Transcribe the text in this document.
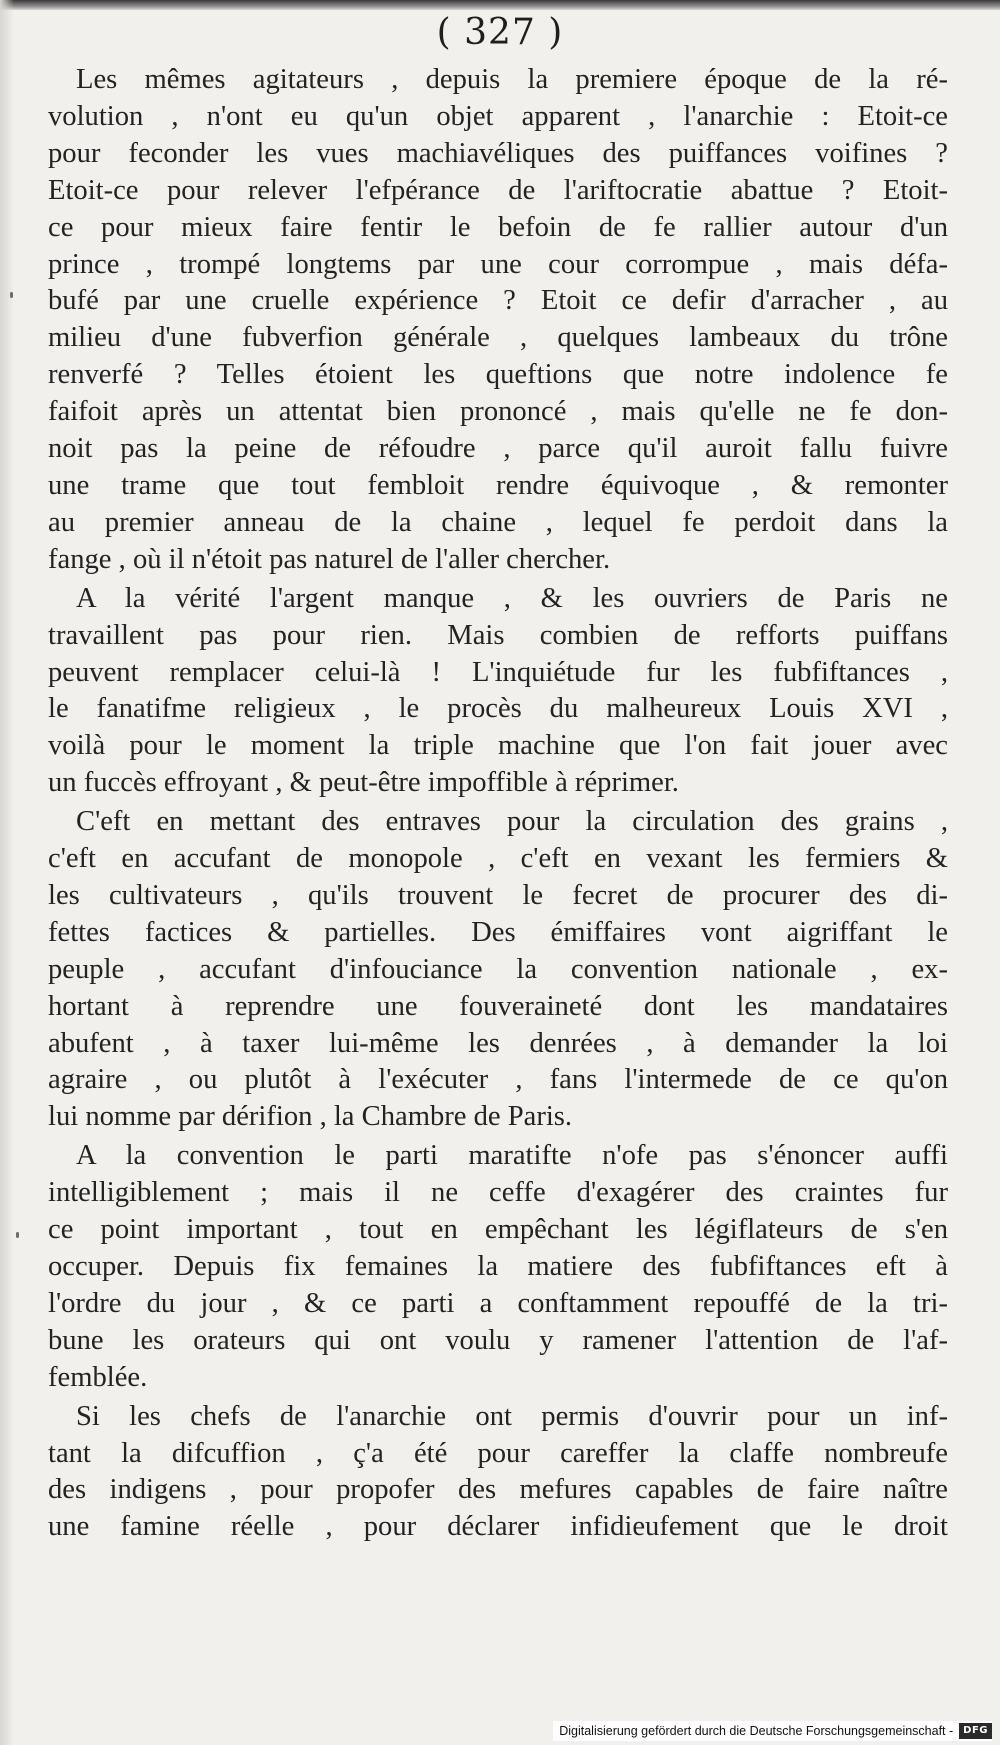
( 327 )
Les mêmes agitateurs , depuis la premiere époque de la ré-
volution , n'ont eu qu'un objet apparent , l'anarchie : Etoit-ce
pour feconder les vues machiavéliques des puiffances voifines ?
Etoit-ce pour relever l'efpérance de l'ariftocratie abattue ? Etoit-
ce pour mieux faire fentir le befoin de fe rallier autour d'un
prince , trompé longtems par une cour corrompue , mais défa-
bufé par une cruelle expérience ? Etoit ce defir d'arracher , au
milieu d'une fubverfion générale , quelques lambeaux du trône
renverfé ? Telles étoient les queftions que notre indolence fe
faifoit après un attentat bien prononcé , mais qu'elle ne fe don-
noit pas la peine de réfoudre , parce qu'il auroit fallu fuivre
une trame que tout fembloit rendre équivoque , & remonter
au premier anneau de la chaine , lequel fe perdoit dans la
fange , où il n'étoit pas naturel de l'aller chercher.
A la vérité l'argent manque , & les ouvriers de Paris ne
travaillent pas pour rien. Mais combien de refforts puiffans
peuvent remplacer celui-là ! L'inquiétude fur les fubfiftances ,
le fanatifme religieux , le procès du malheureux Louis XVI ,
voilà pour le moment la triple machine que l'on fait jouer avec
un fuccès effroyant , & peut-être impoffible à réprimer.
C'eft en mettant des entraves pour la circulation des grains ,
c'eft en accufant de monopole , c'eft en vexant les fermiers &
les cultivateurs , qu'ils trouvent le fecret de procurer des di-
fettes factices & partielles. Des émiffaires vont aigriffant le
peuple , accufant d'infouciance la convention nationale , ex-
hortant à reprendre une fouveraineté dont les mandataires
abufent , à taxer lui-même les denrées , à demander la loi
agraire , ou plutôt à l'exécuter , fans l'intermede de ce qu'on
lui nomme par dérifion , la Chambre de Paris.
A la convention le parti maratifte n'ofe pas s'énoncer auffi
intelligiblement ; mais il ne ceffe d'exagérer des craintes fur
ce point important , tout en empêchant les légiflateurs de s'en
occuper. Depuis fix femaines la matiere des fubfiftances eft à
l'ordre du jour , & ce parti a conftamment repouffé de la tri-
bune les orateurs qui ont voulu y ramener l'attention de l'af-
femblée.
Si les chefs de l'anarchie ont permis d'ouvrir pour un inf-
tant la difcuffion , ç'a été pour careffer la claffe nombreufe
des indigens , pour propofer des mefures capables de faire naître
une famine réelle , pour déclarer infidieufement que le droit
Digitalisierung gefördert durch die Deutsche Forschungsgemeinschaft -	DFG
